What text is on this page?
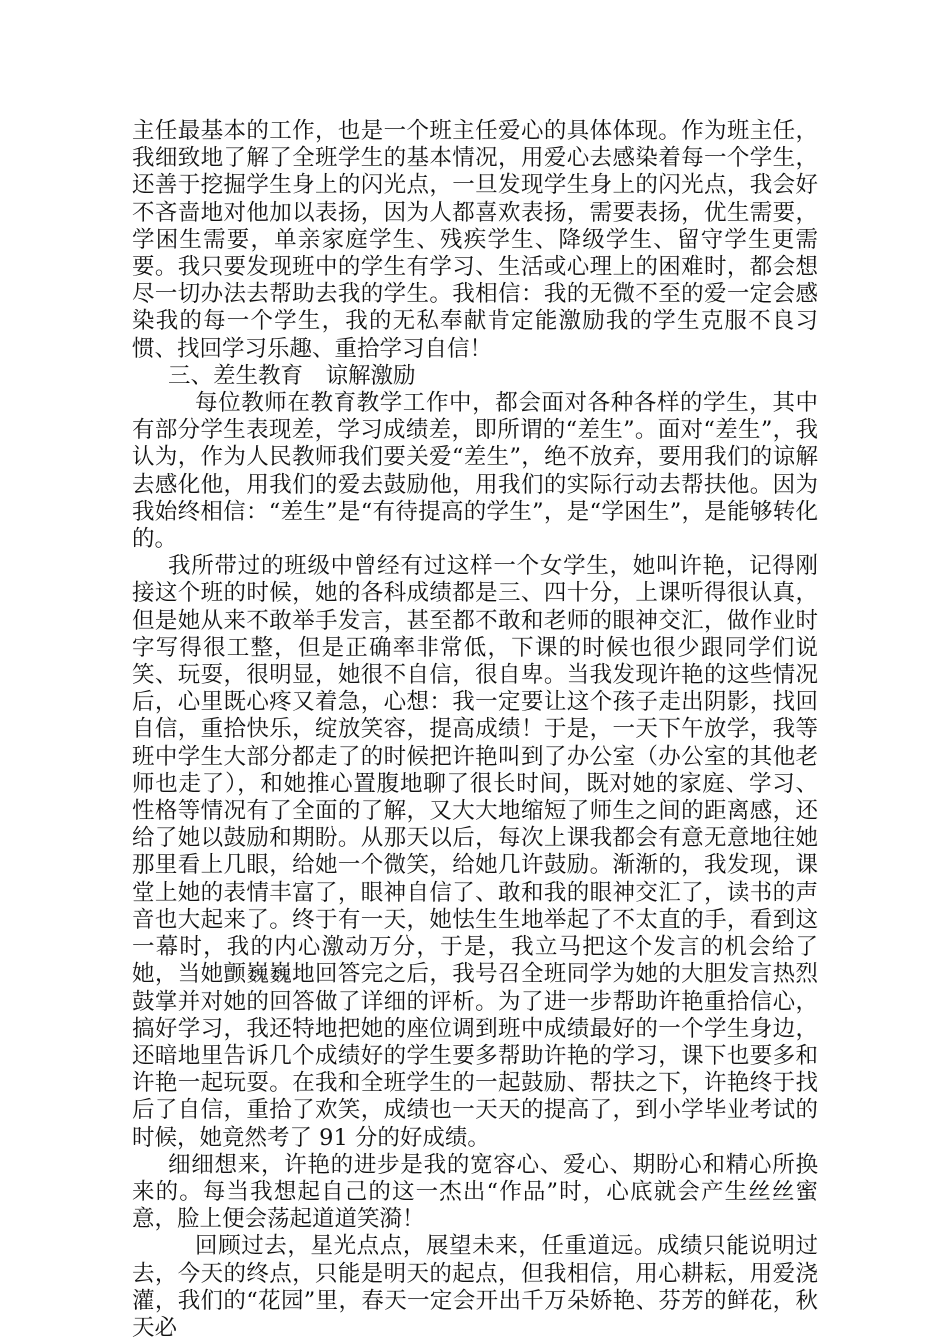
主任最基本的工作，也是一个班主任爱心的具体体现。作为班主任，我细致地了解了全班学生的基本情况，用爱心去感染着每一个学生，还善于挖掘学生身上的闪光点，一旦发现学生身上的闪光点，我会好不吝啬地对他加以表扬，因为人都喜欢表扬，需要表扬，优生需要，学困生需要，单亲家庭学生、残疾学生、降级学生、留守学生更需要。我只要发现班中的学生有学习、生活或心理上的困难时，都会想尽一切办法去帮助去我的学生。我相信：我的无微不至的爱一定会感染我的每一个学生，我的无私奉献肯定能激励我的学生克服不良习惯、找回学习乐趣、重拾学习自信！

三、差生教育　谅解激励

每位教师在教育教学工作中，都会面对各种各样的学生，其中有部分学生表现差，学习成绩差，即所谓的“差生”。面对“差生”，我认为，作为人民教师我们要关爱“差生”，绝不放弃，要用我们的谅解去感化他，用我们的爱去鼓励他，用我们的实际行动去帮扶他。因为我始终相信：“差生”是“有待提高的学生”，是“学困生”，是能够转化的。

我所带过的班级中曾经有过这样一个女学生，她叫许艳，记得刚接这个班的时候，她的各科成绩都是三、四十分，上课听得很认真，但是她从来不敢举手发言，甚至都不敢和老师的眼神交汇，做作业时字写得很工整，但是正确率非常低，下课的时候也很少跟同学们说笑、玩耍，很明显，她很不自信，很自卑。当我发现许艳的这些情况后，心里既心疼又着急，心想：我一定要让这个孩子走出阴影，找回自信，重拾快乐，绽放笑容，提高成绩！于是，一天下午放学，我等班中学生大部分都走了的时候把许艳叫到了办公室（办公室的其他老师也走了），和她推心置腹地聊了很长时间，既对她的家庭、学习、性格等情况有了全面的了解，又大大地缩短了师生之间的距离感，还给了她以鼓励和期盼。从那天以后，每次上课我都会有意无意地往她那里看上几眼，给她一个微笑，给她几许鼓励。渐渐的，我发现，课堂上她的表情丰富了，眼神自信了、敢和我的眼神交汇了，读书的声音也大起来了。终于有一天，她怯生生地举起了不太直的手，看到这一幕时，我的内心激动万分，于是，我立马把这个发言的机会给了她，当她颤巍巍地回答完之后，我号召全班同学为她的大胆发言热烈鼓掌并对她的回答做了详细的评析。为了进一步帮助许艳重拾信心，搞好学习，我还特地把她的座位调到班中成绩最好的一个学生身边，还暗地里告诉几个成绩好的学生要多帮助许艳的学习，课下也要多和许艳一起玩耍。在我和全班学生的一起鼓励、帮扶之下，许艳终于找后了自信，重拾了欢笑，成绩也一天天的提高了，到小学毕业考试的时候，她竟然考了 91 分的好成绩。

细细想来，许艳的进步是我的宽容心、爱心、期盼心和精心所换来的。每当我想起自己的这一杰出“作品”时，心底就会产生丝丝蜜意，脸上便会荡起道道笑漪！

回顾过去，星光点点，展望未来，任重道远。成绩只能说明过去，今天的终点，只能是明天的起点，但我相信，用心耕耘，用爱浇灌，我们的“花园”里，春天一定会开出千万朵娇艳、芬芳的鲜花，秋天必
